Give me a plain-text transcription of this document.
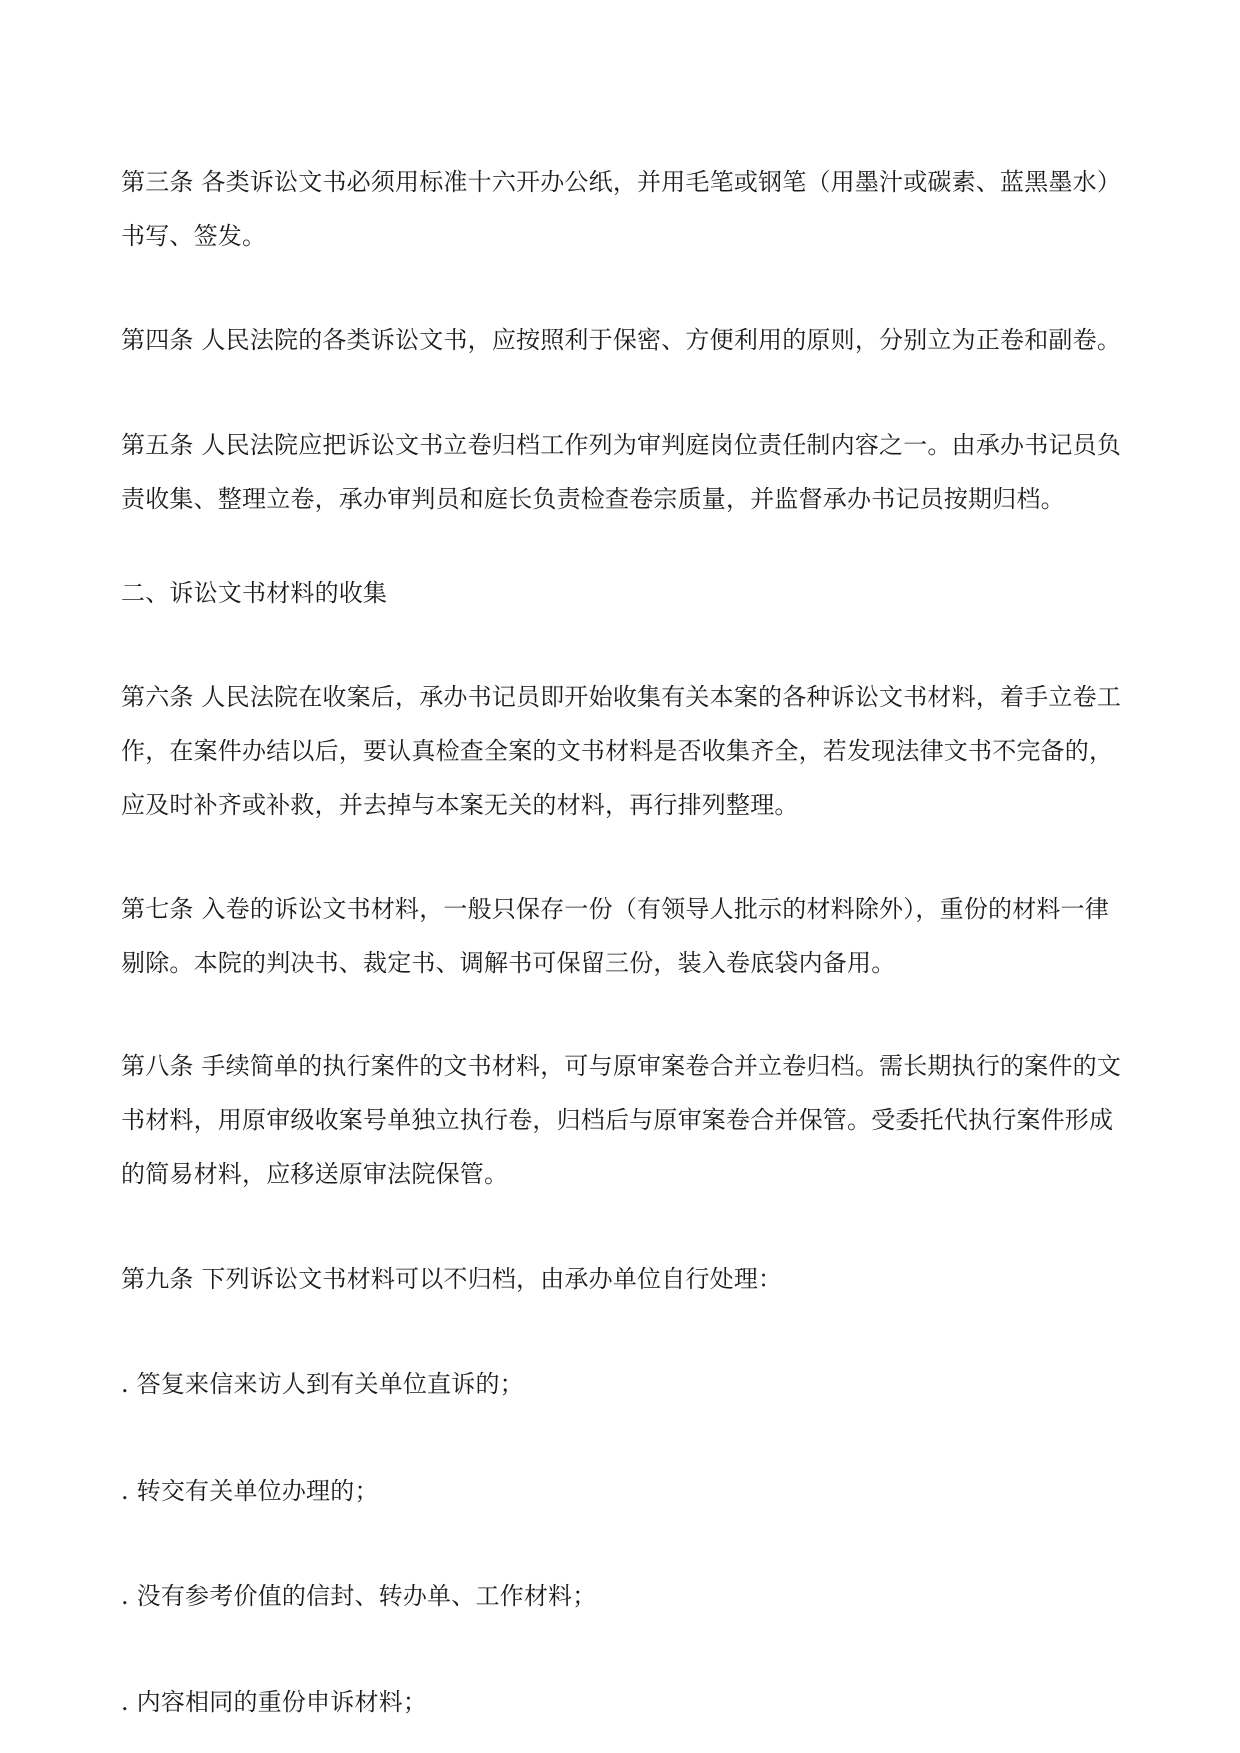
第三条 各类诉讼文书必须用标准十六开办公纸，并用毛笔或钢笔（用墨汁或碳素、蓝黑墨水）书写、签发。

第四条 人民法院的各类诉讼文书，应按照利于保密、方便利用的原则，分别立为正卷和副卷。

第五条 人民法院应把诉讼文书立卷归档工作列为审判庭岗位责任制内容之一。由承办书记员负责收集、整理立卷，承办审判员和庭长负责检查卷宗质量，并监督承办书记员按期归档。

二、诉讼文书材料的收集

第六条 人民法院在收案后，承办书记员即开始收集有关本案的各种诉讼文书材料，着手立卷工作，在案件办结以后，要认真检查全案的文书材料是否收集齐全，若发现法律文书不完备的，应及时补齐或补救，并去掉与本案无关的材料，再行排列整理。

第七条 入卷的诉讼文书材料，一般只保存一份（有领导人批示的材料除外），重份的材料一律剔除。本院的判决书、裁定书、调解书可保留三份，装入卷底袋内备用。

第八条 手续简单的执行案件的文书材料，可与原审案卷合并立卷归档。需长期执行的案件的文书材料，用原审级收案号单独立执行卷，归档后与原审案卷合并保管。受委托代执行案件形成的简易材料，应移送原审法院保管。

第九条 下列诉讼文书材料可以不归档，由承办单位自行处理：

. 答复来信来访人到有关单位直诉的；

. 转交有关单位办理的；

. 没有参考价值的信封、转办单、工作材料；

. 内容相同的重份申诉材料；
